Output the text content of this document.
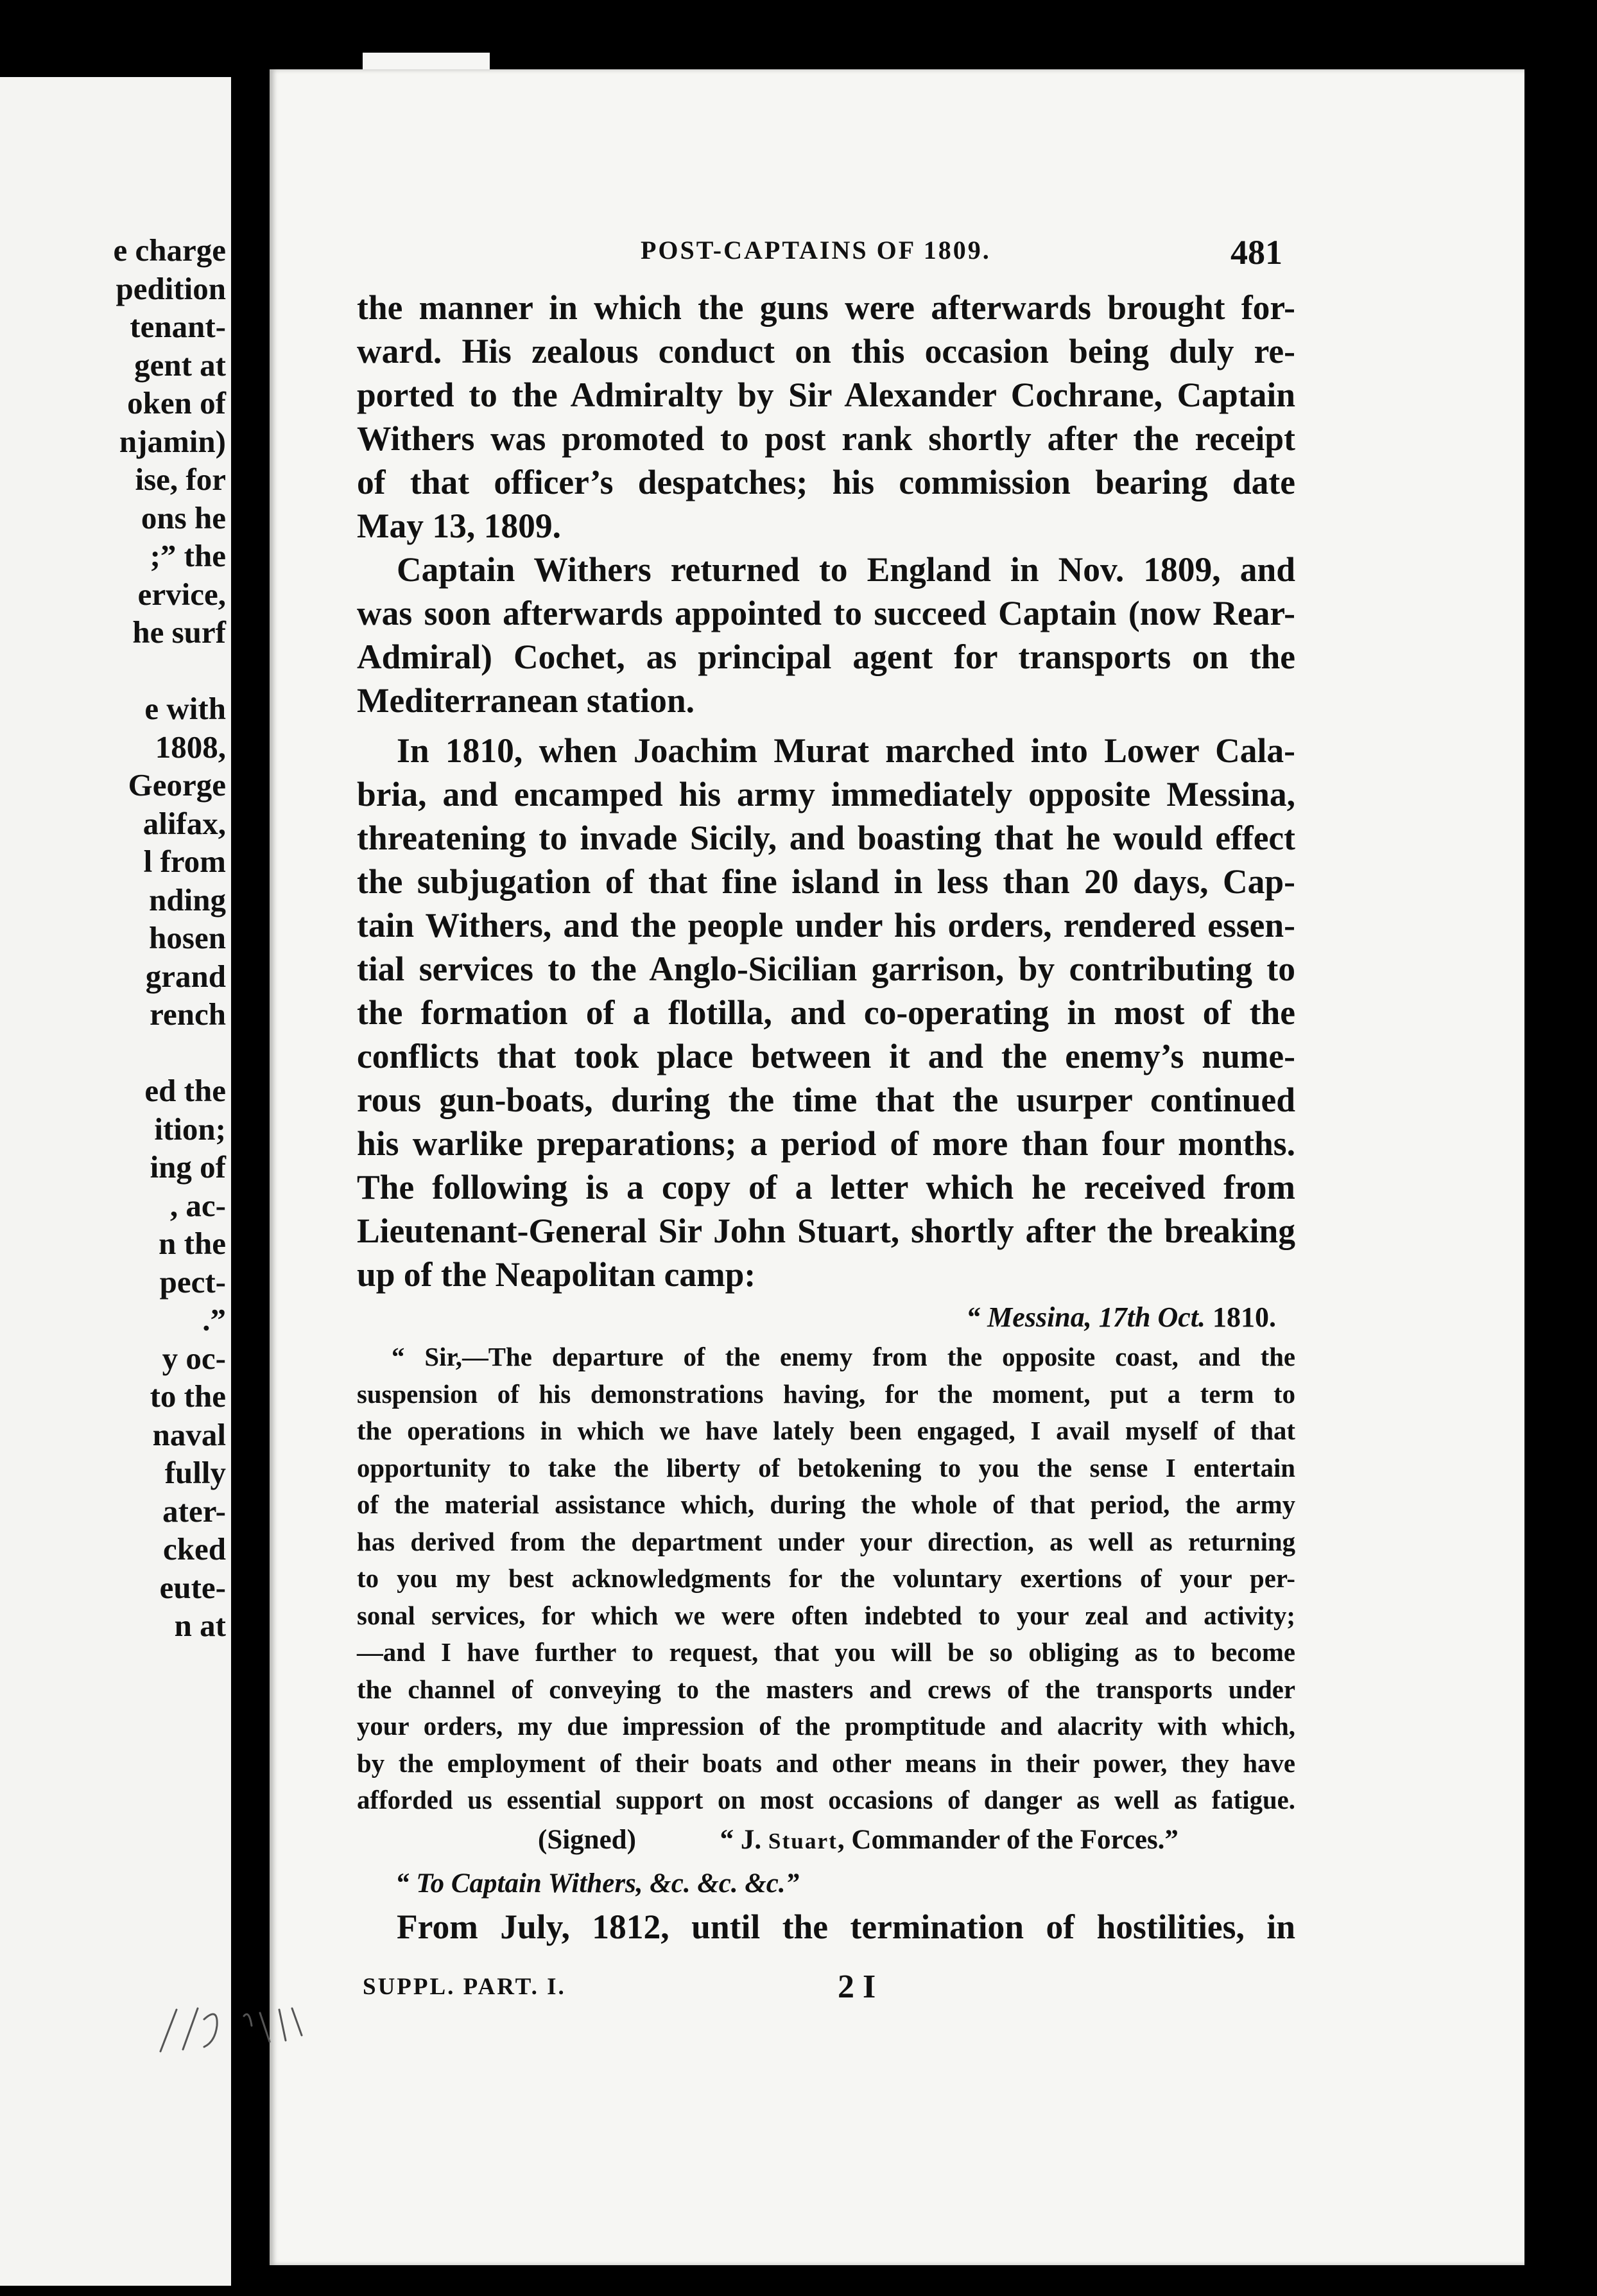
e charge
pedition
tenant-
gent at
oken of
njamin)
ise, for
ons he
;” the
ervice,
he surf
e with
1808,
George
alifax,
l from
nding
hosen
grand
rench
ed the
ition;
ing of
, ac-
n the
pect-
.”
y oc-
to the
naval
fully
ater-
cked
eute-
n at
POST-CAPTAINS OF 1809.	481

the manner in which the guns were afterwards brought for-

ward. His zealous conduct on this occasion being duly re-

ported to the Admiralty by Sir Alexander Cochrane, Captain

Withers was promoted to post rank shortly after the receipt

of that officer’s despatches; his commission bearing date

May 13, 1809.

Captain Withers returned to England in Nov. 1809, and

was soon afterwards appointed to succeed Captain (now Rear-

Admiral) Cochet, as principal agent for transports on the

Mediterranean station.

In 1810, when Joachim Murat marched into Lower Cala-

bria, and encamped his army immediately opposite Messina,

threatening to invade Sicily, and boasting that he would effect

the subjugation of that fine island in less than 20 days, Cap-

tain Withers, and the people under his orders, rendered essen-

tial services to the Anglo-Sicilian garrison, by contributing to

the formation of a flotilla, and co-operating in most of the

conflicts that took place between it and the enemy’s nume-

rous gun-boats, during the time that the usurper continued

his warlike preparations; a period of more than four months.

The following is a copy of a letter which he received from

Lieutenant-General Sir John Stuart, shortly after the breaking

up of the Neapolitan camp:

“ Messina, 17th Oct. 1810.

“ Sir,—The departure of the enemy from the opposite coast, and the

suspension of his demonstrations having, for the moment, put a term to

the operations in which we have lately been engaged, I avail myself of that

opportunity to take the liberty of betokening to you the sense I entertain

of the material assistance which, during the whole of that period, the army

has derived from the department under your direction, as well as returning

to you my best acknowledgments for the voluntary exertions of your per-

sonal services, for which we were often indebted to your zeal and activity;

—and I have further to request, that you will be so obliging as to become

the channel of conveying to the masters and crews of the transports under

your orders, my due impression of the promptitude and alacrity with which,

by the employment of their boats and other means in their power, they have

afforded us essential support on most occasions of danger as well as fatigue.

(Signed)	“ J. Stuart, Commander of the Forces.”
“ To Captain Withers, &c. &c. &c.”

From July, 1812, until the termination of hostilities, in

SUPPL. PART. I.	2 I
